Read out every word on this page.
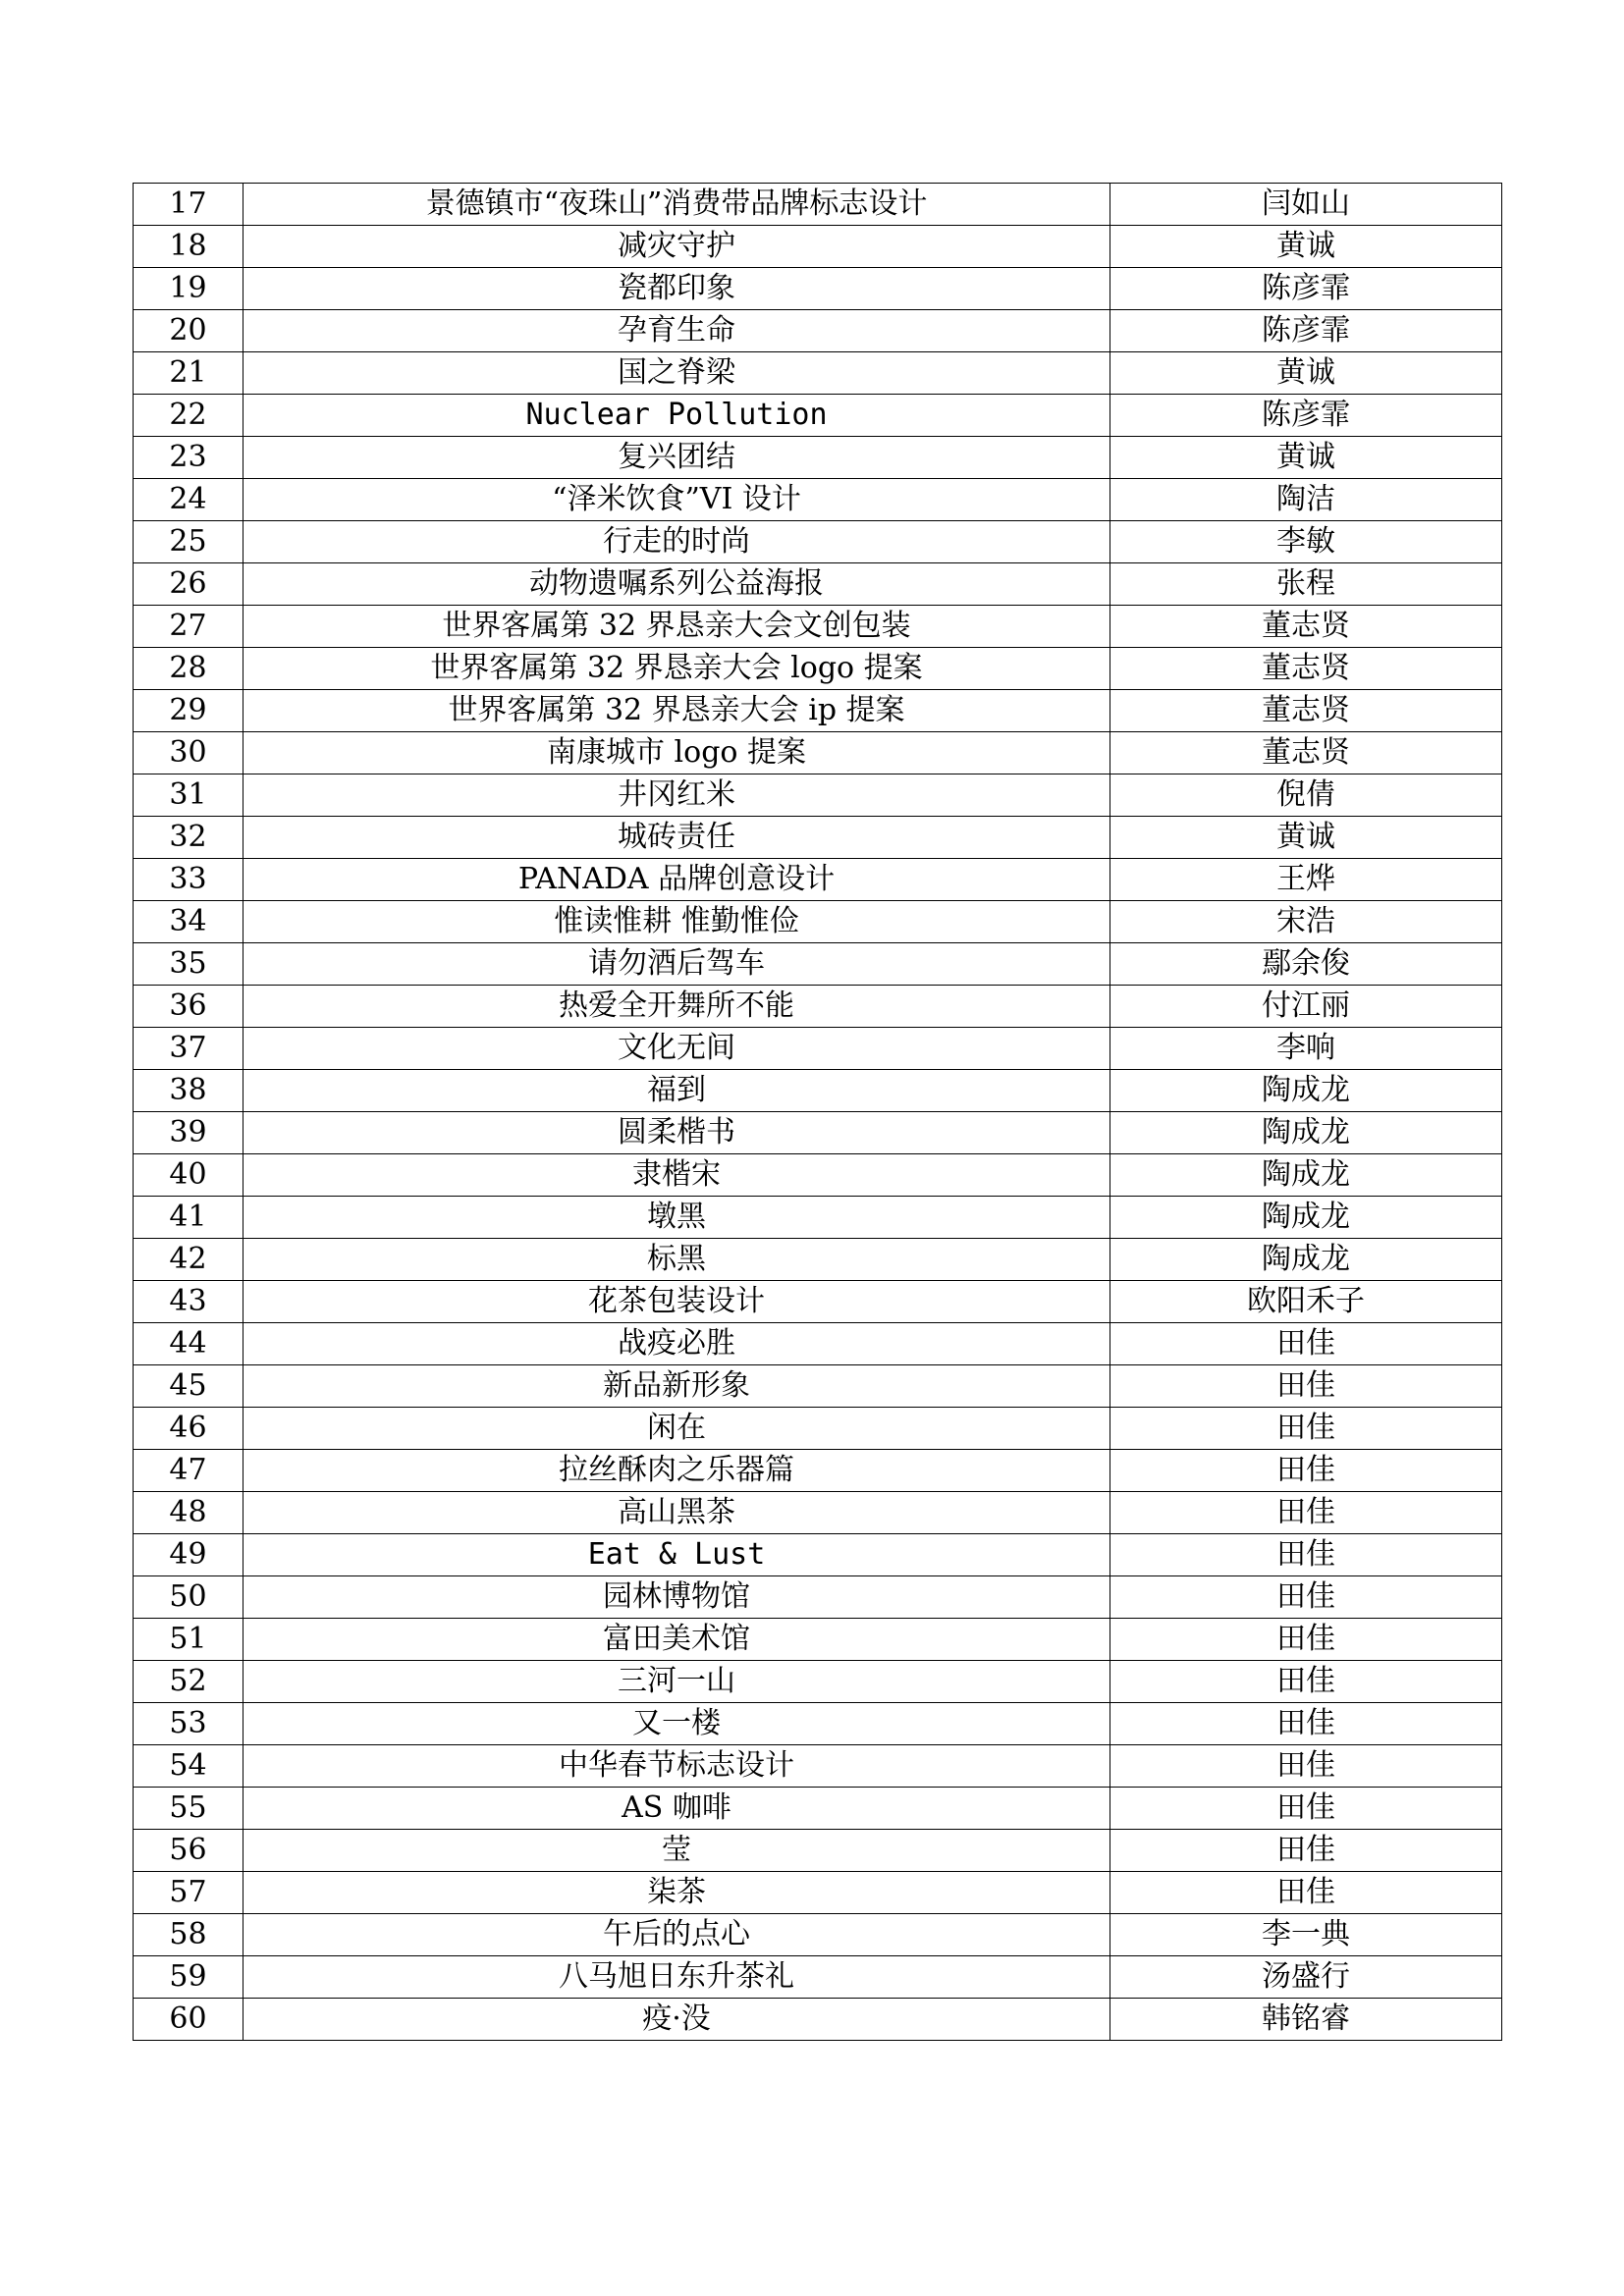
17	景德镇市“夜珠山”消费带品牌标志设计	闫如山
18	减灾守护	黄诚
19	瓷都印象	陈彦霏
20	孕育生命	陈彦霏
21	国之脊梁	黄诚
22	Nuclear Pollution	陈彦霏
23	复兴团结	黄诚
24	“泽米饮食”VI 设计	陶洁
25	行走的时尚	李敏
26	动物遗嘱系列公益海报	张程
27	世界客属第 32 界恳亲大会文创包装	董志贤
28	世界客属第 32 界恳亲大会 logo 提案	董志贤
29	世界客属第 32 界恳亲大会 ip 提案	董志贤
30	南康城市 logo 提案	董志贤
31	井冈红米	倪倩
32	城砖责任	黄诚
33	PANADA 品牌创意设计	王烨
34	惟读惟耕 惟勤惟俭	宋浩
35	请勿酒后驾车	鄢余俊
36	热爱全开舞所不能	付江丽
37	文化无间	李响
38	福到	陶成龙
39	圆柔楷书	陶成龙
40	隶楷宋	陶成龙
41	墩黑	陶成龙
42	标黑	陶成龙
43	花茶包装设计	欧阳禾子
44	战疫必胜	田佳
45	新品新形象	田佳
46	闲在	田佳
47	拉丝酥肉之乐器篇	田佳
48	高山黑茶	田佳
49	Eat & Lust	田佳
50	园林博物馆	田佳
51	富田美术馆	田佳
52	三河一山	田佳
53	又一楼	田佳
54	中华春节标志设计	田佳
55	AS 咖啡	田佳
56	莹	田佳
57	柒茶	田佳
58	午后的点心	李一典
59	八马旭日东升茶礼	汤盛行
60	疫·没	韩铭睿
